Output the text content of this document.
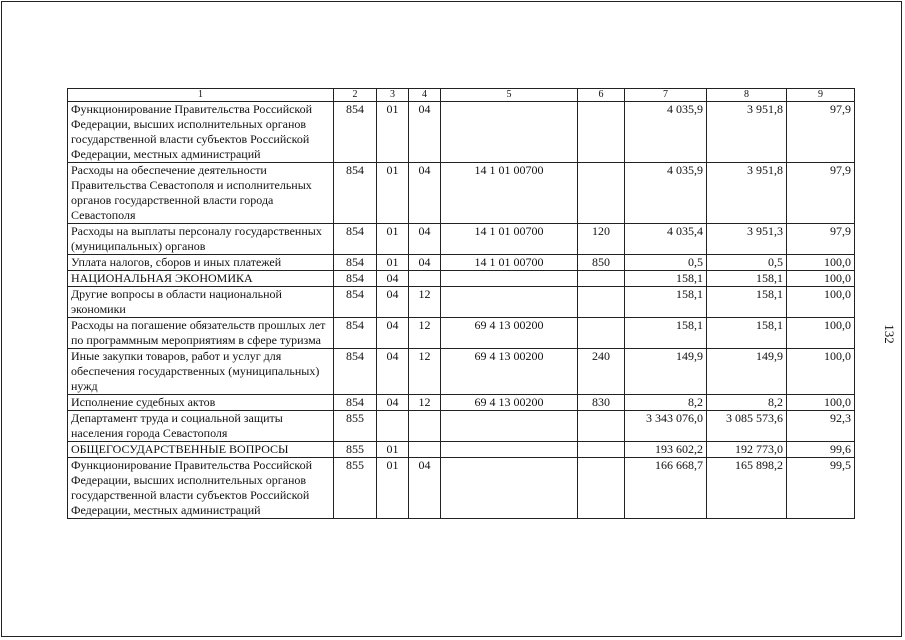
1	2	3	4	5	6	7	8	9
Функционирование Правительства Российской Федерации, высших исполнительных органов государственной власти субъектов Российской Федерации, местных администраций	854	01	04			4 035,9	3 951,8	97,9
Расходы на обеспечение деятельности Правительства Севастополя и исполнительных органов государственной власти города Севастополя	854	01	04	14 1 01 00700		4 035,9	3 951,8	97,9
Расходы на выплаты персоналу государственных (муниципальных) органов	854	01	04	14 1 01 00700	120	4 035,4	3 951,3	97,9
Уплата налогов, сборов и иных платежей	854	01	04	14 1 01 00700	850	0,5	0,5	100,0
НАЦИОНАЛЬНАЯ ЭКОНОМИКА	854	04				158,1	158,1	100,0
Другие вопросы в области национальной экономики	854	04	12			158,1	158,1	100,0
Расходы на погашение обязательств прошлых лет по программным мероприятиям в сфере туризма	854	04	12	69 4 13 00200		158,1	158,1	100,0
Иные закупки товаров, работ и услуг для обеспечения государственных (муниципальных) нужд	854	04	12	69 4 13 00200	240	149,9	149,9	100,0
Исполнение судебных актов	854	04	12	69 4 13 00200	830	8,2	8,2	100,0
Департамент труда и социальной защиты населения города Севастополя	855					3 343 076,0	3 085 573,6	92,3
ОБЩЕГОСУДАРСТВЕННЫЕ ВОПРОСЫ	855	01				193 602,2	192 773,0	99,6
Функционирование Правительства Российской Федерации, высших исполнительных органов государственной власти субъектов Российской Федерации, местных администраций	855	01	04			166 668,7	165 898,2	99,5
132
